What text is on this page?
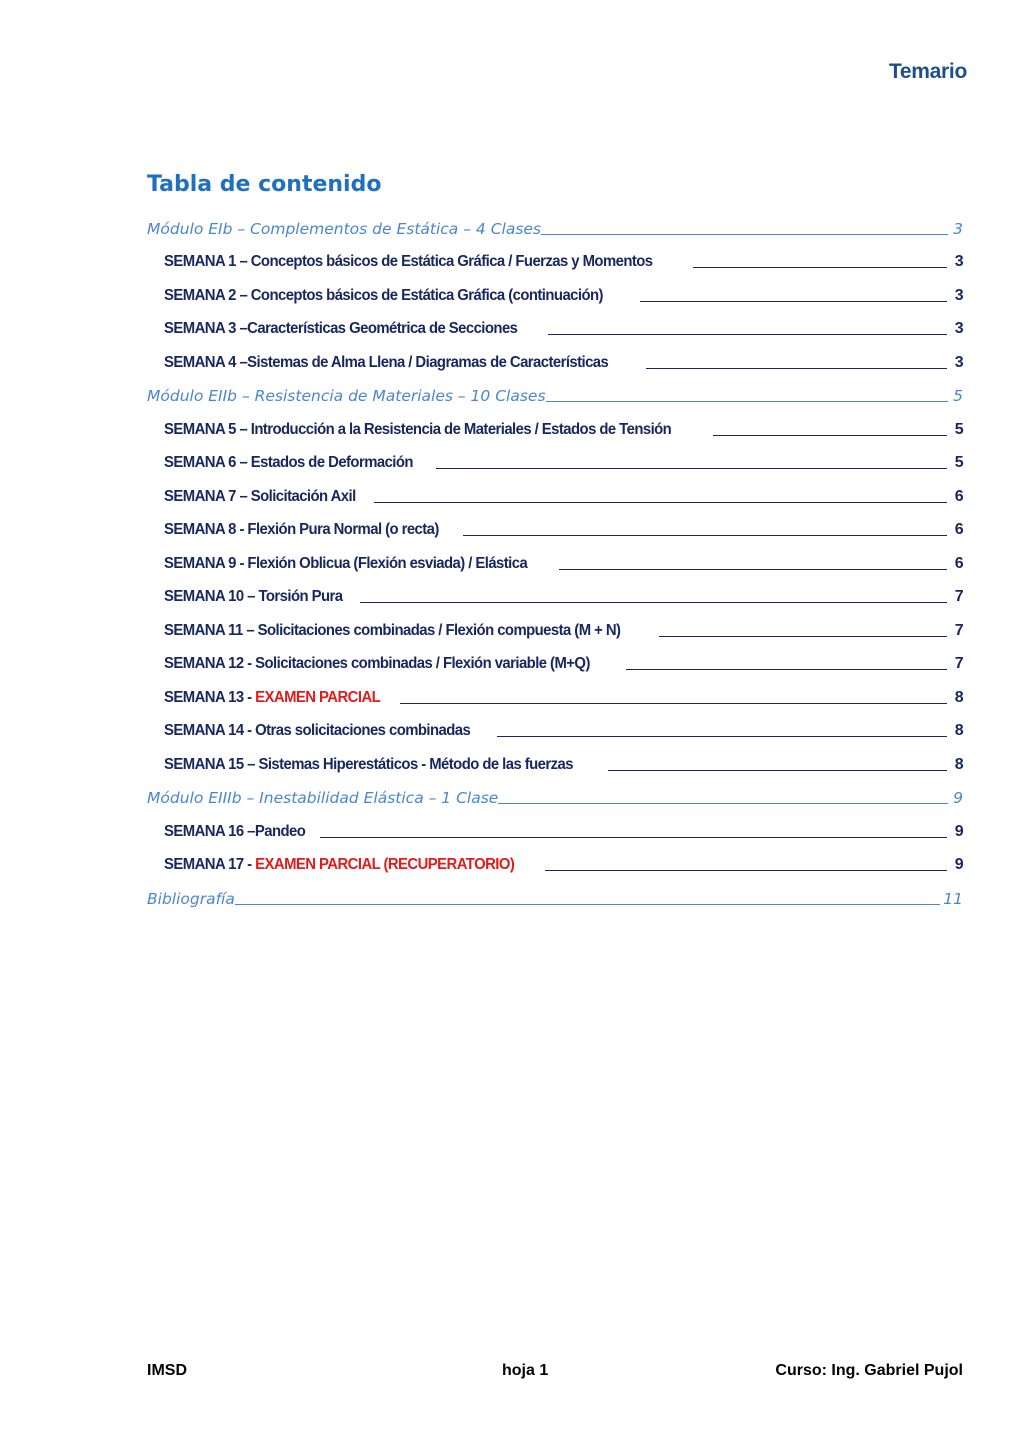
Temario
Tabla de contenido
Módulo EIb – Complementos de Estática – 4 Clases	3
SEMANA 1 – Conceptos básicos de Estática Gráfica / Fuerzas y Momentos	3
SEMANA 2 – Conceptos básicos de Estática Gráfica (continuación)	3
SEMANA 3 –Características Geométrica de Secciones	3
SEMANA 4 –Sistemas de Alma Llena / Diagramas de Características	3
Módulo EIIb – Resistencia de Materiales – 10 Clases	5
SEMANA 5 – Introducción a la Resistencia de Materiales / Estados de Tensión	5
SEMANA 6 – Estados de Deformación	5
SEMANA 7 – Solicitación Axil	6
SEMANA 8 - Flexión Pura Normal (o recta)	6
SEMANA 9 - Flexión Oblicua (Flexión esviada) / Elástica	6
SEMANA 10 – Torsión Pura	7
SEMANA 11 – Solicitaciones combinadas / Flexión compuesta (M + N)	7
SEMANA 12 - Solicitaciones combinadas / Flexión variable (M+Q)	7
SEMANA 13 - EXAMEN PARCIAL	8
SEMANA 14 - Otras solicitaciones combinadas	8
SEMANA 15 – Sistemas Hiperestáticos - Método de las fuerzas	8
Módulo EIIIb – Inestabilidad Elástica – 1 Clase	9
SEMANA 16 –Pandeo	9
SEMANA 17 - EXAMEN PARCIAL (RECUPERATORIO)	9
Bibliografía	11
IMSD	hoja 1	Curso: Ing. Gabriel Pujol
